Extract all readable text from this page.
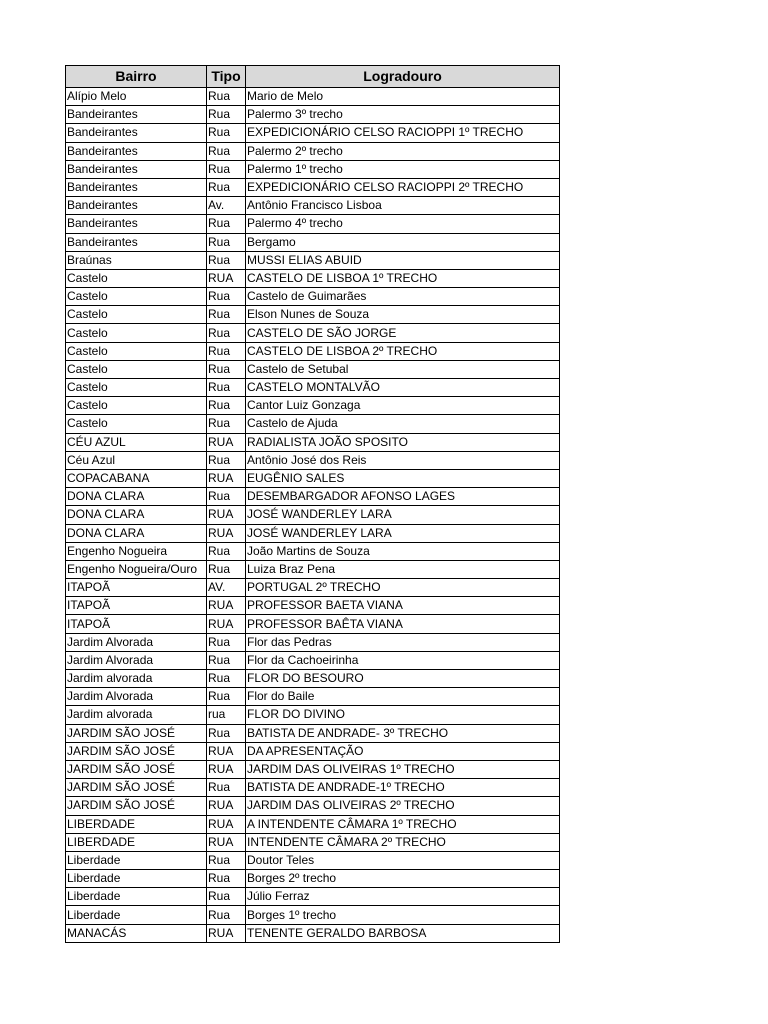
Bairro	Tipo	Logradouro
Alípio Melo	Rua	Mario de Melo
Bandeirantes	Rua	Palermo 3º trecho
Bandeirantes	Rua	EXPEDICIONÁRIO CELSO RACIOPPI 1º TRECHO
Bandeirantes	Rua	Palermo 2º trecho
Bandeirantes	Rua	Palermo 1º trecho
Bandeirantes	Rua	EXPEDICIONÁRIO CELSO RACIOPPI 2º TRECHO
Bandeirantes	Av.	Antônio Francisco Lisboa
Bandeirantes	Rua	Palermo 4º trecho
Bandeirantes	Rua	Bergamo
Braúnas	Rua	MUSSI ELIAS ABUID
Castelo	RUA	CASTELO DE LISBOA 1º TRECHO
Castelo	Rua	Castelo de Guimarães
Castelo	Rua	Elson Nunes de Souza
Castelo	Rua	CASTELO DE SÃO JORGE
Castelo	Rua	CASTELO DE LISBOA 2º TRECHO
Castelo	Rua	Castelo de Setubal
Castelo	Rua	CASTELO MONTALVÃO
Castelo	Rua	Cantor Luiz Gonzaga
Castelo	Rua	Castelo de Ajuda
CÉU AZUL	RUA	RADIALISTA JOÃO SPOSITO
Céu Azul	Rua	Antônio José dos Reis
COPACABANA	RUA	EUGÊNIO SALES
DONA CLARA	Rua	DESEMBARGADOR AFONSO LAGES
DONA CLARA	RUA	JOSÉ WANDERLEY LARA
DONA CLARA	RUA	JOSÉ WANDERLEY LARA
Engenho Nogueira	Rua	João Martins de Souza
Engenho Nogueira/Ouro	Rua	Luiza Braz Pena
ITAPOÃ	AV.	PORTUGAL 2º TRECHO
ITAPOÃ	RUA	PROFESSOR BAETA VIANA
ITAPOÃ	RUA	PROFESSOR BAÊTA VIANA
Jardim Alvorada	Rua	Flor das Pedras
Jardim Alvorada	Rua	Flor da Cachoeirinha
Jardim alvorada	Rua	FLOR DO BESOURO
Jardim Alvorada	Rua	Flor do Baile
Jardim alvorada	rua	FLOR DO DIVINO
JARDIM SÃO JOSÉ	Rua	BATISTA DE ANDRADE- 3º TRECHO
JARDIM SÃO JOSÉ	RUA	DA APRESENTAÇÃO
JARDIM SÃO JOSÉ	RUA	JARDIM DAS OLIVEIRAS 1º TRECHO
JARDIM SÃO JOSÉ	Rua	BATISTA DE ANDRADE-1º TRECHO
JARDIM SÃO JOSÉ	RUA	JARDIM DAS OLIVEIRAS 2º TRECHO
LIBERDADE	RUA	A INTENDENTE CÂMARA 1º TRECHO
LIBERDADE	RUA	INTENDENTE CÂMARA 2º TRECHO
Liberdade	Rua	Doutor Teles
Liberdade	Rua	Borges 2º trecho
Liberdade	Rua	Júlio Ferraz
Liberdade	Rua	Borges 1º trecho
MANACÁS	RUA	TENENTE GERALDO BARBOSA
